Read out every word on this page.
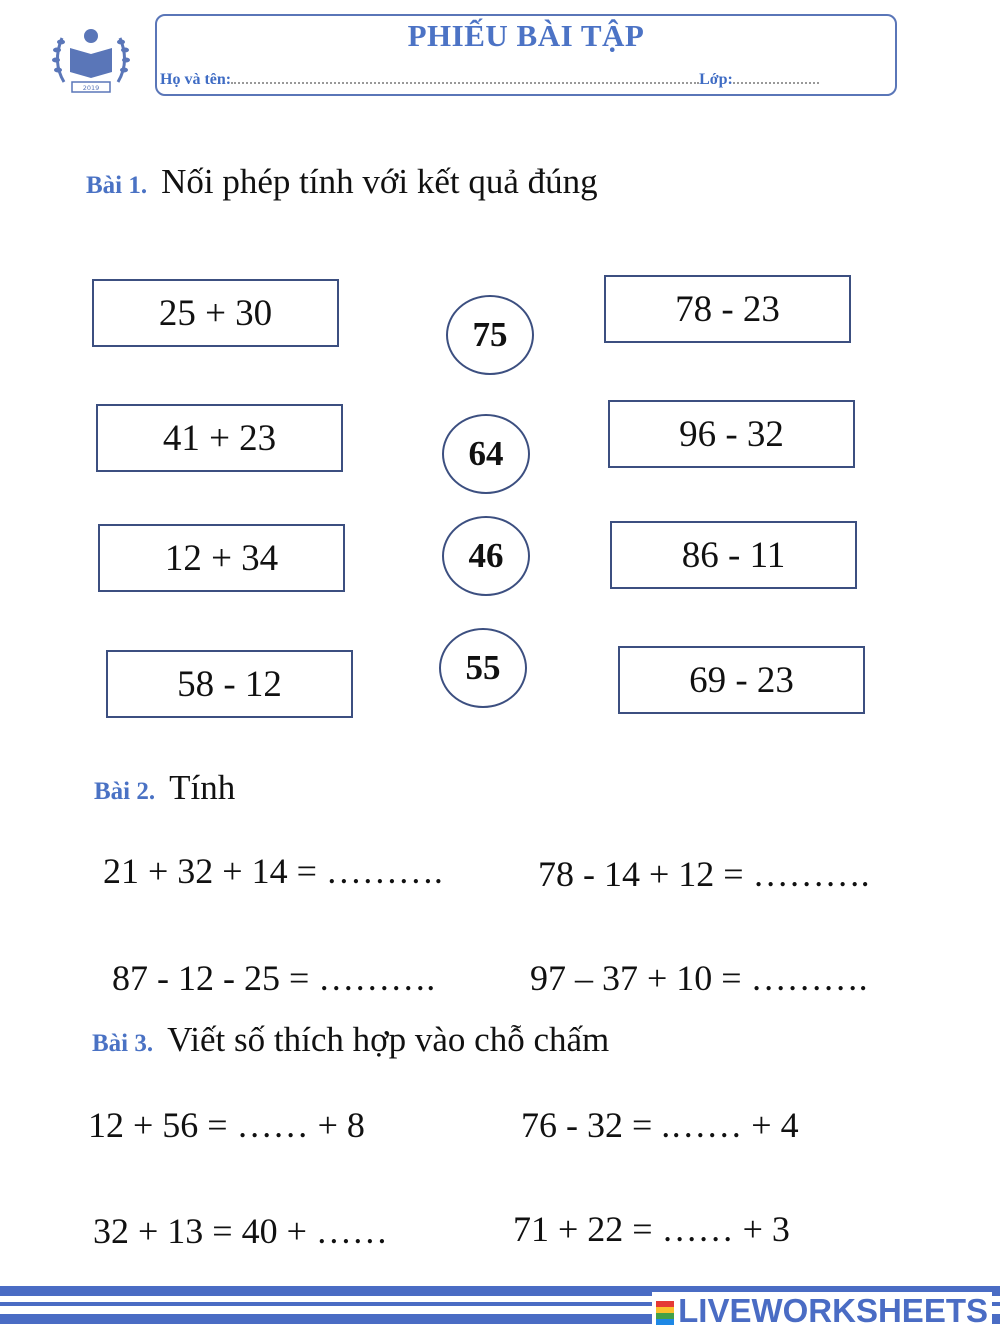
2019
PHIẾU BÀI TẬP
Họ và tên:	Lớp:
Bài 1. Nối phép tính với kết quả đúng
25 + 30
41 + 23
12 + 34
58 - 12
75
64
46
55
78 - 23
96 - 32
86 - 11
69 - 23
Bài 2. Tính
21 + 32 + 14 = ……….	78 - 14 + 12 = ……….
87 - 12 - 25 = ……….	97 – 37 + 10 = ……….
Bài 3. Viết số thích hợp vào chỗ chấm
12 + 56 = …… + 8	76 - 32 = .…… + 4
32 + 13 = 40 + ……	71 + 22 = …… + 3
LIVEWORKSHEETS
